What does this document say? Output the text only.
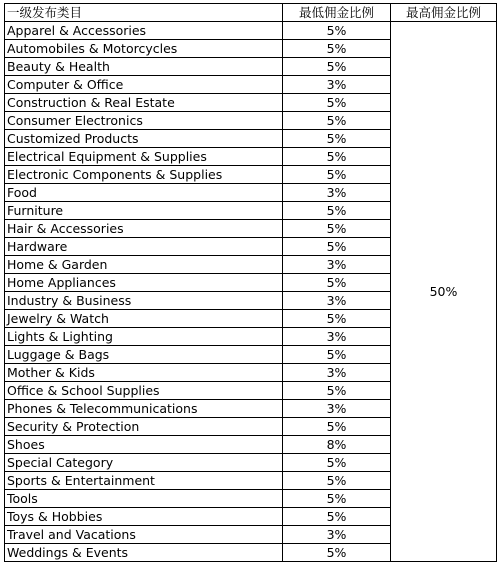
一级发布类目	最低佣金比例	最高佣金比例
Apparel & Accessories	5%	50%
Automobiles & Motorcycles	5%	
Beauty & Health	5%	
Computer & Office	3%	
Construction & Real Estate	5%	
Consumer Electronics	5%	
Customized Products	5%	
Electrical Equipment & Supplies	5%	
Electronic Components & Supplies	5%	
Food	3%	
Furniture	5%	
Hair & Accessories	5%	
Hardware	5%	
Home & Garden	3%	
Home Appliances	5%	
Industry & Business	3%	
Jewelry & Watch	5%	
Lights & Lighting	3%	
Luggage & Bags	5%	
Mother & Kids	3%	
Office & School Supplies	5%	
Phones & Telecommunications	3%	
Security & Protection	5%	
Shoes	8%	
Special Category	5%	
Sports & Entertainment	5%	
Tools	5%	
Toys & Hobbies	5%	
Travel and Vacations	3%	
Weddings & Events	5%	
